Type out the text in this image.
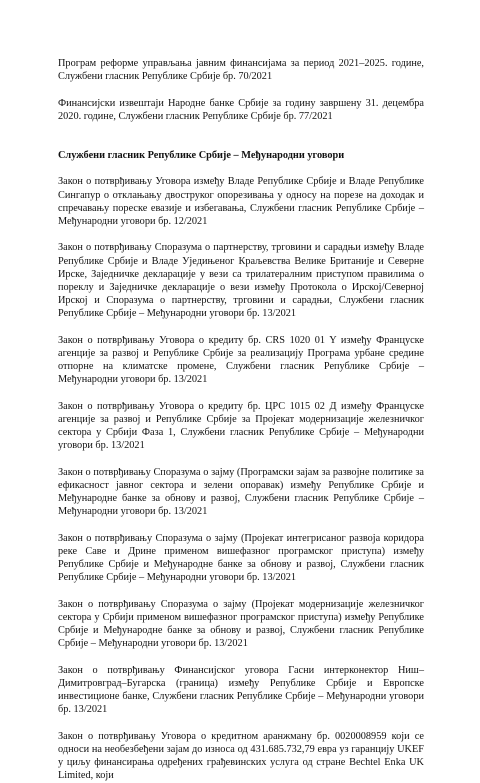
Програм реформе управљања јавним финансијама за период 2021–2025. године, Службени гласник Републике Србије бр. 70/2021

Финансијски извештаји Народне банке Србије за годину завршену 31. децембра 2020. године, Службени гласник Републике Србије бр. 77/2021

Службени гласник Републике Србије – Међународни уговори

Закон о потврђивању Уговора између Владе Републике Србије и Владе Републике Сингапур о отклањању двоструког опорезивања у односу на порезе на доходак и спречавању пореске евазије и избегавања, Службени гласник Републике Србије – Међународни уговори бр. 12/2021

Закон о потврђивању Споразума о партнерству, трговини и сарадњи између Владе Републике Србије и Владе Уједињеног Краљевства Велике Британије и Северне Ирске, Заједничке декларације у вези са трилатералним приступом правилима о пореклу и Заједничке декларације о вези између Протокола о Ирској/Северној Ирској и Споразума о партнерству, трговини и сарадњи, Службени гласник Републике Србије – Међународни уговори бр. 13/2021

Закон о потврђивању Уговора о кредиту бр. CRS 1020 01 Y између Француске агенције за развој и Републике Србије за реализацију Програма урбане средине отпорне на климатске промене, Службени гласник Републике Србије – Међународни уговори бр. 13/2021

Закон о потврђивању Уговора о кредиту бр. ЦРС 1015 02 Д између Француске агенције за развој и Републике Србије за Пројекат модернизације железничког сектора у Србији Фаза 1, Службени гласник Републике Србије – Међународни уговори бр. 13/2021

Закон о потврђивању Споразума о зајму (Програмски зајам за развојне политике за ефикасност јавног сектора и зелени опоравак) између Републике Србије и Међународне банке за обнову и развој, Службени гласник Републике Србије – Међународни уговори бр. 13/2021

Закон о потврђивању Споразума о зајму (Пројекат интегрисаног развоја коридора реке Саве и Дрине применом вишефазног програмског приступа) између Републике Србије и Међународне банке за обнову и развој, Службени гласник Републике Србије – Међународни уговори бр. 13/2021

Закон о потврђивању Споразума о зајму (Пројекат модернизације железничког сектора у Србији применом вишефазног програмског приступа) између Републике Србије и Међународне банке за обнову и развој, Службени гласник Републике Србије – Међународни уговори бр. 13/2021

Закон о потврђивању Финансијског уговора Гасни интерконектор Ниш–Димитровград–Бугарска (граница) између Републике Србије и Европске инвестиционе банке, Службени гласник Републике Србије – Међународни уговори бр. 13/2021

Закон о потврђивању Уговора о кредитном аранжману бр. 0020008959 који се односи на необезбеђени зајам до износа од 431.685.732,79 евра уз гаранцију UKEF у циљу финансирања одређених грађевинских услуга од стране Bechtel Enka UK Limited, који
